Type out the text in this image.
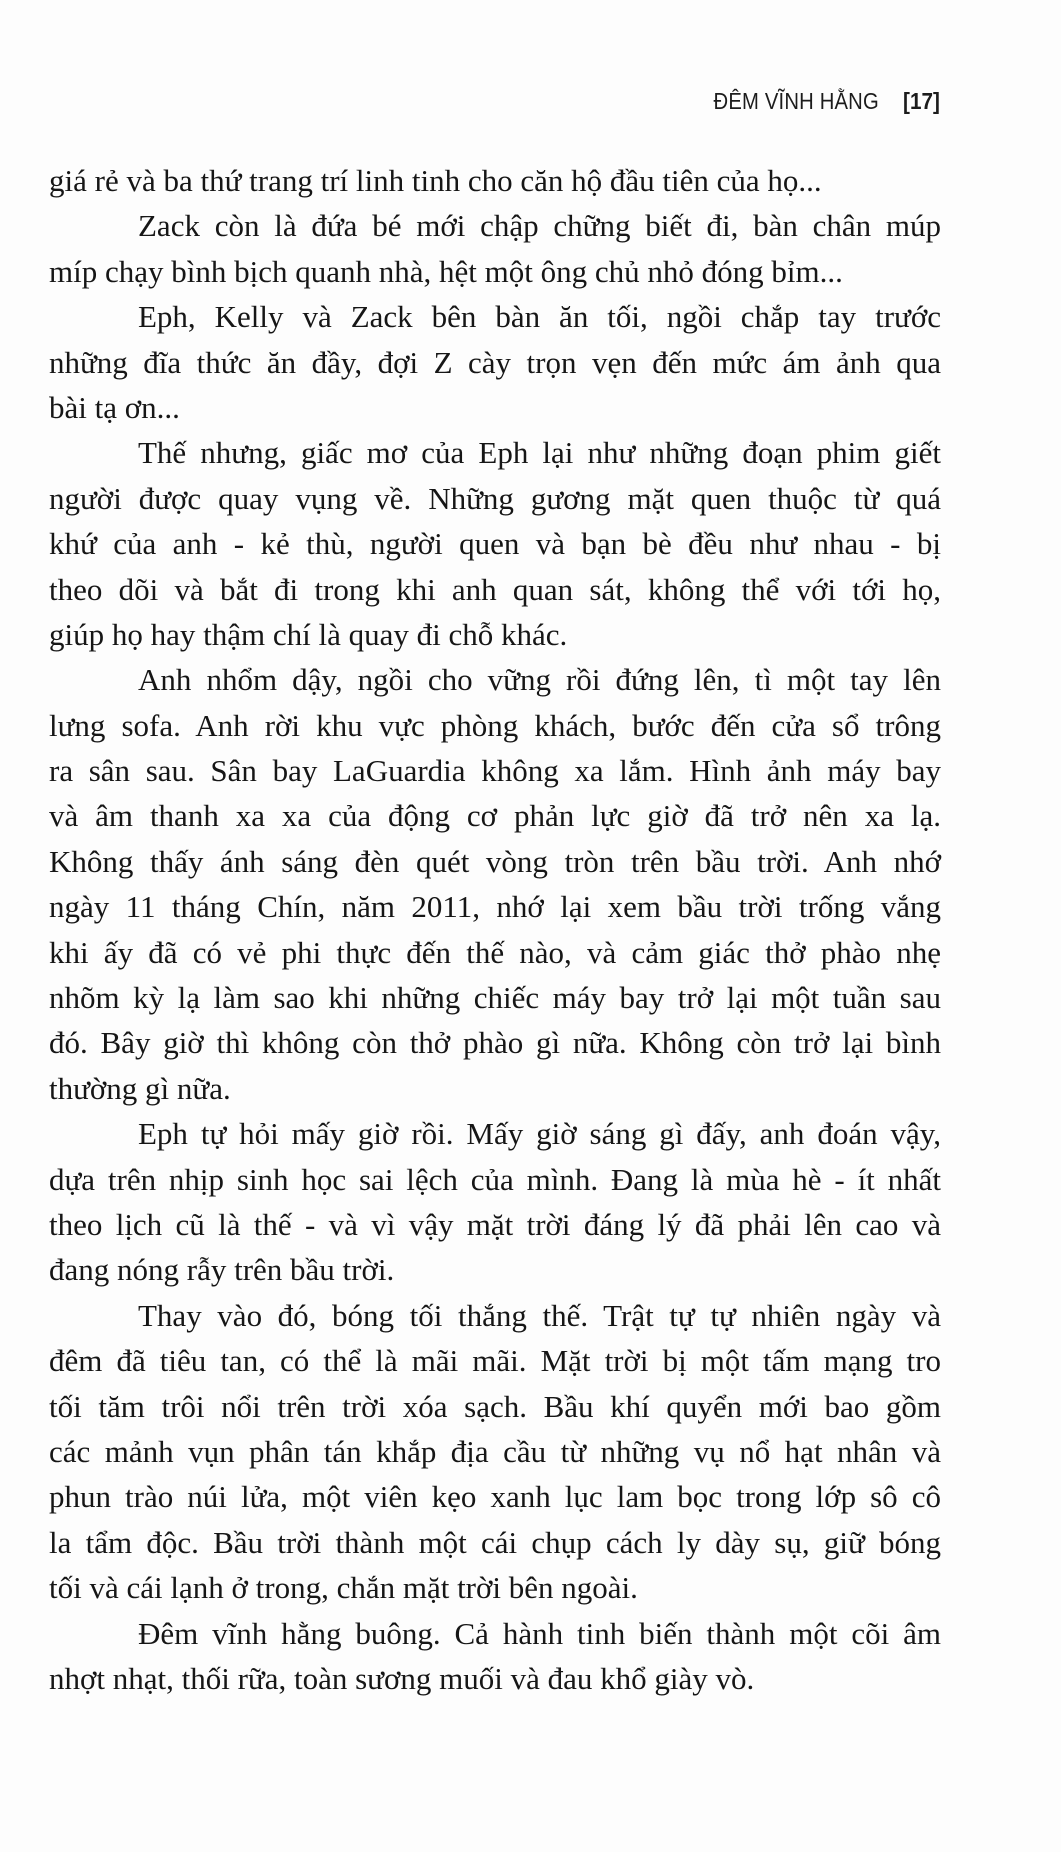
ĐÊM VĨNH HẰNG [17]
giá rẻ và ba thứ trang trí linh tinh cho căn hộ đầu tiên của họ...
Zack còn là đứa bé mới chập chững biết đi, bàn chân múp
míp chạy bình bịch quanh nhà, hệt một ông chủ nhỏ đóng bỉm...
Eph, Kelly và Zack bên bàn ăn tối, ngồi chắp tay trước
những đĩa thức ăn đầy, đợi Z cày trọn vẹn đến mức ám ảnh qua
bài tạ ơn...
Thế nhưng, giấc mơ của Eph lại như những đoạn phim giết
người được quay vụng về. Những gương mặt quen thuộc từ quá
khứ của anh - kẻ thù, người quen và bạn bè đều như nhau - bị
theo dõi và bắt đi trong khi anh quan sát, không thể với tới họ,
giúp họ hay thậm chí là quay đi chỗ khác.
Anh nhổm dậy, ngồi cho vững rồi đứng lên, tì một tay lên
lưng sofa. Anh rời khu vực phòng khách, bước đến cửa sổ trông
ra sân sau. Sân bay LaGuardia không xa lắm. Hình ảnh máy bay
và âm thanh xa xa của động cơ phản lực giờ đã trở nên xa lạ.
Không thấy ánh sáng đèn quét vòng tròn trên bầu trời. Anh nhớ
ngày 11 tháng Chín, năm 2011, nhớ lại xem bầu trời trống vắng
khi ấy đã có vẻ phi thực đến thế nào, và cảm giác thở phào nhẹ
nhõm kỳ lạ làm sao khi những chiếc máy bay trở lại một tuần sau
đó. Bây giờ thì không còn thở phào gì nữa. Không còn trở lại bình
thường gì nữa.
Eph tự hỏi mấy giờ rồi. Mấy giờ sáng gì đấy, anh đoán vậy,
dựa trên nhịp sinh học sai lệch của mình. Đang là mùa hè - ít nhất
theo lịch cũ là thế - và vì vậy mặt trời đáng lý đã phải lên cao và
đang nóng rẫy trên bầu trời.
Thay vào đó, bóng tối thắng thế. Trật tự tự nhiên ngày và
đêm đã tiêu tan, có thể là mãi mãi. Mặt trời bị một tấm mạng tro
tối tăm trôi nổi trên trời xóa sạch. Bầu khí quyển mới bao gồm
các mảnh vụn phân tán khắp địa cầu từ những vụ nổ hạt nhân và
phun trào núi lửa, một viên kẹo xanh lục lam bọc trong lớp sô cô
la tẩm độc. Bầu trời thành một cái chụp cách ly dày sụ, giữ bóng
tối và cái lạnh ở trong, chắn mặt trời bên ngoài.
Đêm vĩnh hằng buông. Cả hành tinh biến thành một cõi âm
nhợt nhạt, thối rữa, toàn sương muối và đau khổ giày vò.
